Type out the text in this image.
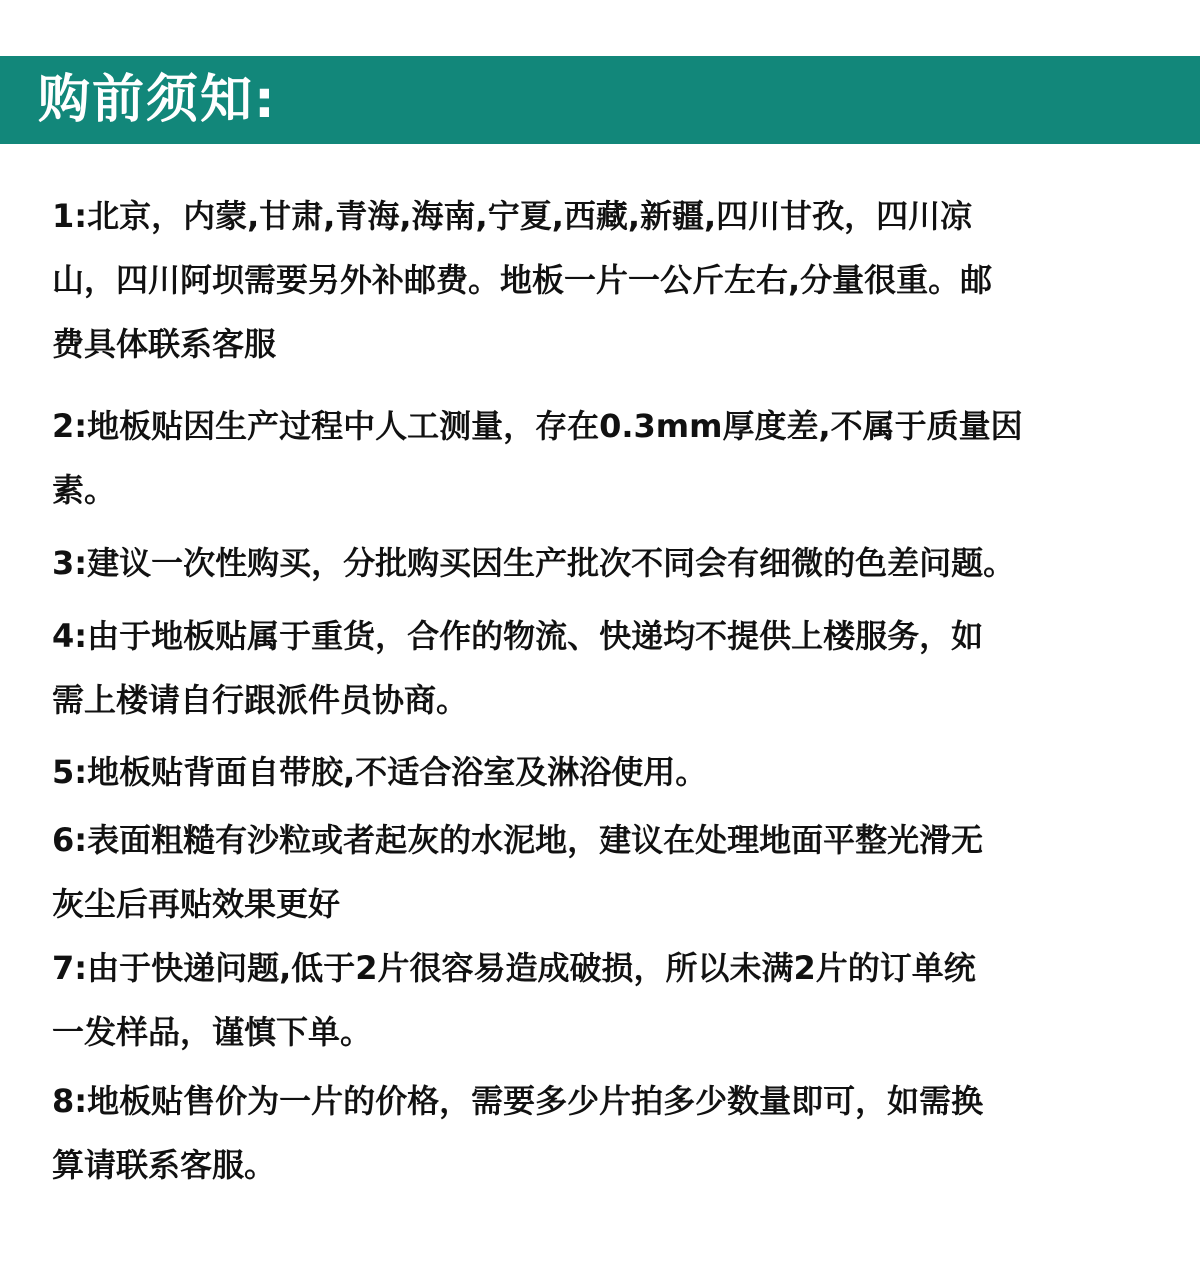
购前须知:
1:北京，内蒙,甘肃,青海,海南,宁夏,西藏,新疆,四川甘孜，四川凉
山，四川阿坝需要另外补邮费。地板一片一公斤左右,分量很重。邮
费具体联系客服
2:地板贴因生产过程中人工测量，存在0.3mm厚度差,不属于质量因
素。
3:建议一次性购买，分批购买因生产批次不同会有细微的色差问题。
4:由于地板贴属于重货，合作的物流、快递均不提供上楼服务，如
需上楼请自行跟派件员协商。
5:地板贴背面自带胶,不适合浴室及淋浴使用。
6:表面粗糙有沙粒或者起灰的水泥地，建议在处理地面平整光滑无
灰尘后再贴效果更好
7:由于快递问题,低于2片很容易造成破损，所以未满2片的订单统
一发样品，谨慎下单。
8:地板贴售价为一片的价格，需要多少片拍多少数量即可，如需换
算请联系客服。
